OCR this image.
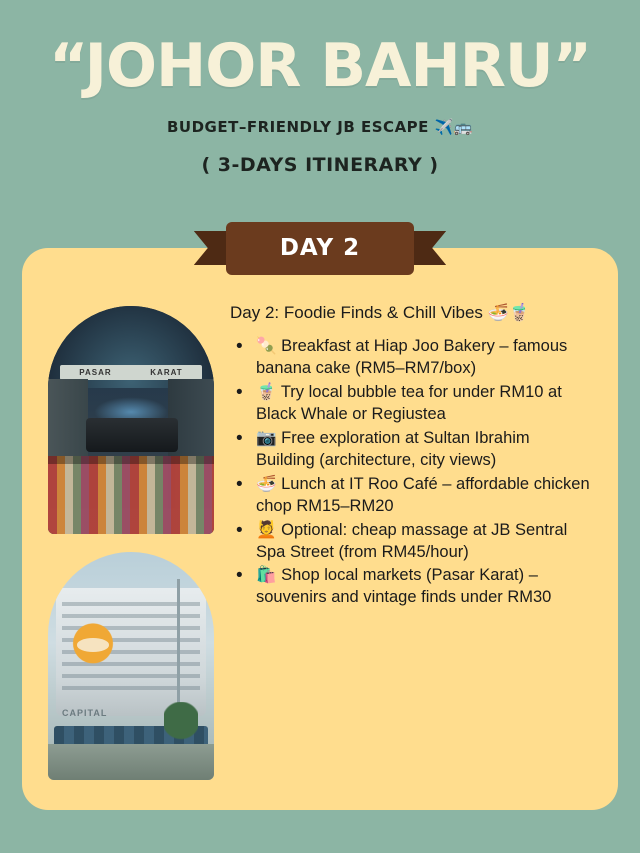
“JOHOR BAHRU”
BUDGET–FRIENDLY JB ESCAPE ✈️🚌
( 3-DAYS ITINERARY )
DAY 2
PASAR	KARAT
CAPITAL
Day 2: Foodie Finds & Chill Vibes 🍜🧋
• 🍡 Breakfast at Hiap Joo Bakery – famous banana cake (RM5–RM7/box)
• 🧋 Try local bubble tea for under RM10 at Black Whale or Regiustea
• 📷 Free exploration at Sultan Ibrahim Building (architecture, city views)
• 🍜 Lunch at IT Roo Café – affordable chicken chop RM15–RM20
• 💆 Optional: cheap massage at JB Sentral Spa Street (from RM45/hour)
• 🛍️ Shop local markets (Pasar Karat) – souvenirs and vintage finds under RM30
